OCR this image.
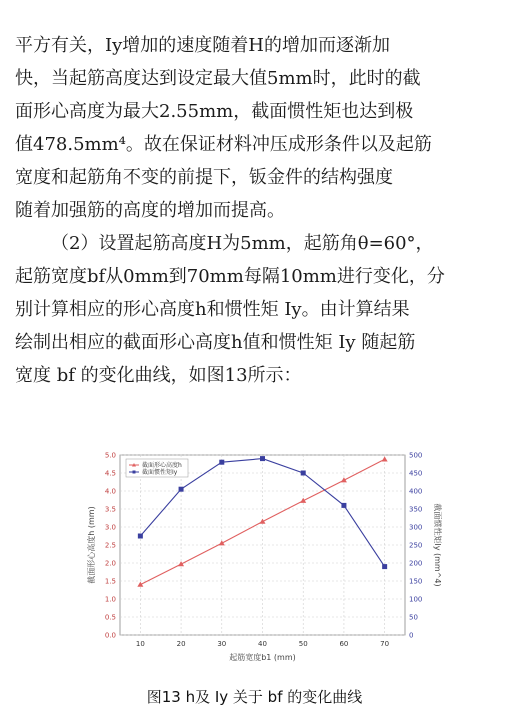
平方有关，Iy增加的速度随着H的增加而逐渐加
快，当起筋高度达到设定最大值5mm时，此时的截
面形心高度为最大2.55mm，截面惯性矩也达到极
值478.5mm⁴。故在保证材料冲压成形条件以及起筋
宽度和起筋角不变的前提下，钣金件的结构强度
随着加强筋的高度的增加而提高。

（2）设置起筋高度H为5mm，起筋角θ=60°，
起筋宽度bf从0mm到70mm每隔10mm进行变化，分
别计算相应的形心高度h和惯性矩 Iy。由计算结果
绘制出相应的截面形心高度h值和惯性矩 Iy 随起筋
宽度 bf 的变化曲线，如图13所示：

0.0
0.5
1.0
1.5
2.0
2.5
3.0
3.5
4.0
4.5
5.0
0
50
100
150
200
250
300
350
400
450
500
10	20	30	40	50	60	70
起筋宽度b1 (mm)
截面形心高度h (mm)	截面惯性矩Iy (mm^4)
截面形心高度h
截面惯性矩Iy
图13 h及 Iy 关于 bf 的变化曲线
